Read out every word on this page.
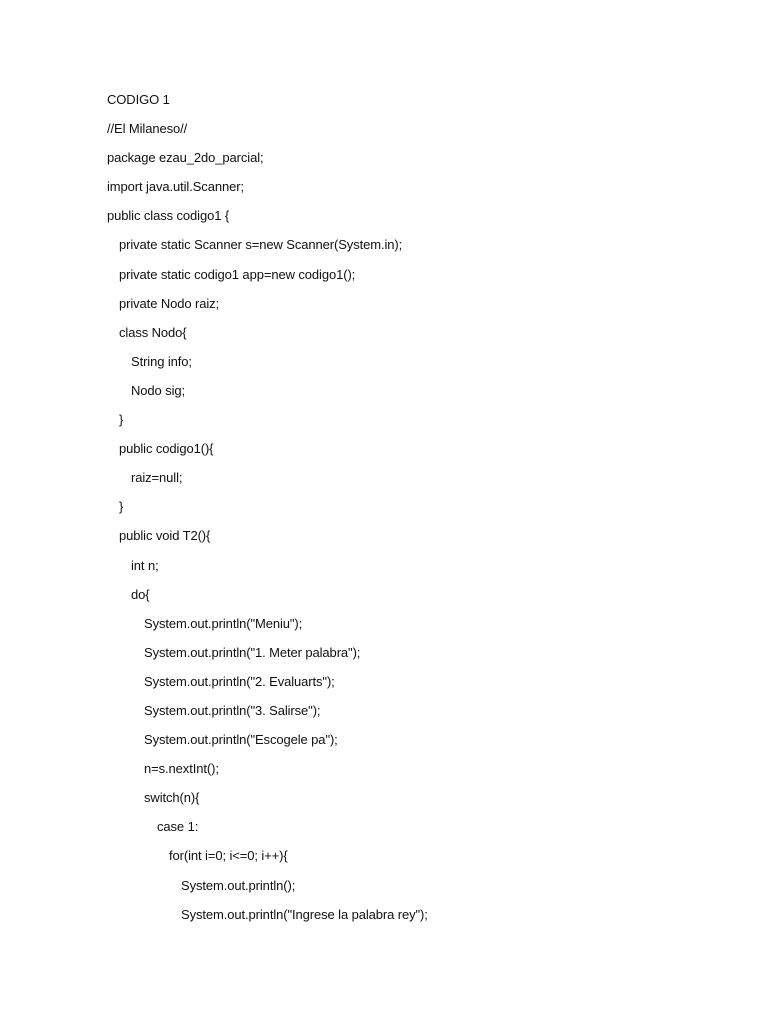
CODIGO 1
//El Milaneso//
package ezau_2do_parcial;
import java.util.Scanner;
public class codigo1 {
private static Scanner s=new Scanner(System.in);
private static codigo1 app=new codigo1();
private Nodo raiz;
class Nodo{
String info;
Nodo sig;
}
public codigo1(){
raiz=null;
}
public void T2(){
int n;
do{
System.out.println("Meniu");
System.out.println("1. Meter palabra");
System.out.println("2. Evaluarts");
System.out.println("3. Salirse");
System.out.println("Escogele pa");
n=s.nextInt();
switch(n){
case 1:
for(int i=0; i<=0; i++){
System.out.println();
System.out.println("Ingrese la palabra rey");
